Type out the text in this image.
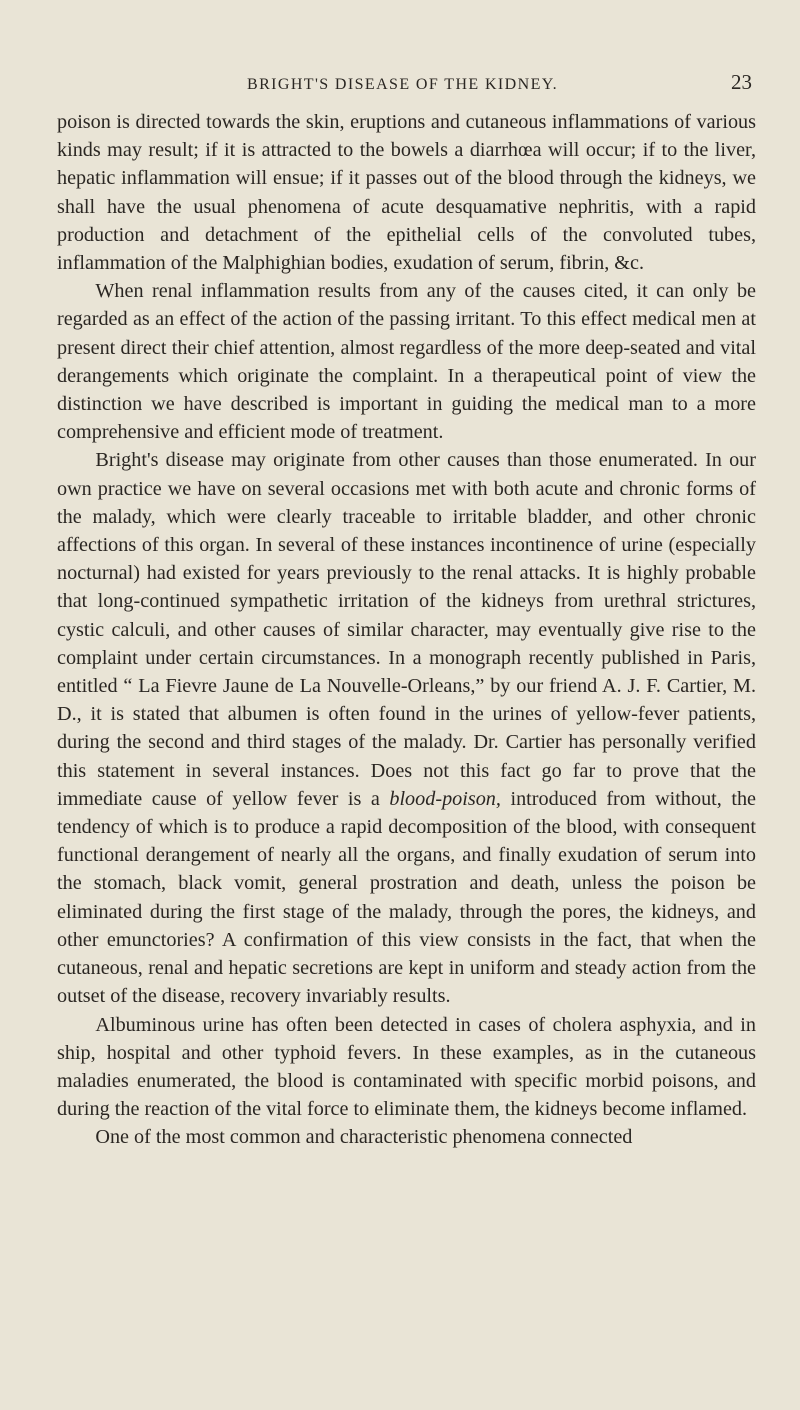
BRIGHT'S DISEASE OF THE KIDNEY.	23

poison is directed towards the skin, eruptions and cutaneous inflammations of various kinds may result; if it is attracted to the bowels a diarrhœa will occur; if to the liver, hepatic inflammation will ensue; if it passes out of the blood through the kidneys, we shall have the usual phenomena of acute desquamative nephritis, with a rapid production and detachment of the epithelial cells of the convoluted tubes, inflammation of the Malphighian bodies, exudation of serum, fibrin, &c.

When renal inflammation results from any of the causes cited, it can only be regarded as an effect of the action of the passing irritant. To this effect medical men at present direct their chief attention, almost regardless of the more deep-seated and vital derangements which originate the complaint. In a therapeutical point of view the distinction we have described is important in guiding the medical man to a more comprehensive and efficient mode of treatment.

Bright's disease may originate from other causes than those enumerated. In our own practice we have on several occasions met with both acute and chronic forms of the malady, which were clearly traceable to irritable bladder, and other chronic affections of this organ. In several of these instances incontinence of urine (especially nocturnal) had existed for years previously to the renal attacks. It is highly probable that long-continued sympathetic irritation of the kidneys from urethral strictures, cystic calculi, and other causes of similar character, may eventually give rise to the complaint under certain circumstances. In a monograph recently published in Paris, entitled “ La Fievre Jaune de La Nouvelle-Orleans,” by our friend A. J. F. Cartier, M. D., it is stated that albumen is often found in the urines of yellow-fever patients, during the second and third stages of the malady. Dr. Cartier has personally verified this statement in several instances. Does not this fact go far to prove that the immediate cause of yellow fever is a blood-poison, introduced from without, the tendency of which is to produce a rapid decomposition of the blood, with consequent functional derangement of nearly all the organs, and finally exudation of serum into the stomach, black vomit, general prostration and death, unless the poison be eliminated during the first stage of the malady, through the pores, the kidneys, and other emunctories? A confirmation of this view consists in the fact, that when the cutaneous, renal and hepatic secretions are kept in uniform and steady action from the outset of the disease, recovery invariably results.

Albuminous urine has often been detected in cases of cholera asphyxia, and in ship, hospital and other typhoid fevers. In these examples, as in the cutaneous maladies enumerated, the blood is contaminated with specific morbid poisons, and during the reaction of the vital force to eliminate them, the kidneys become inflamed.

One of the most common and characteristic phenomena connected
